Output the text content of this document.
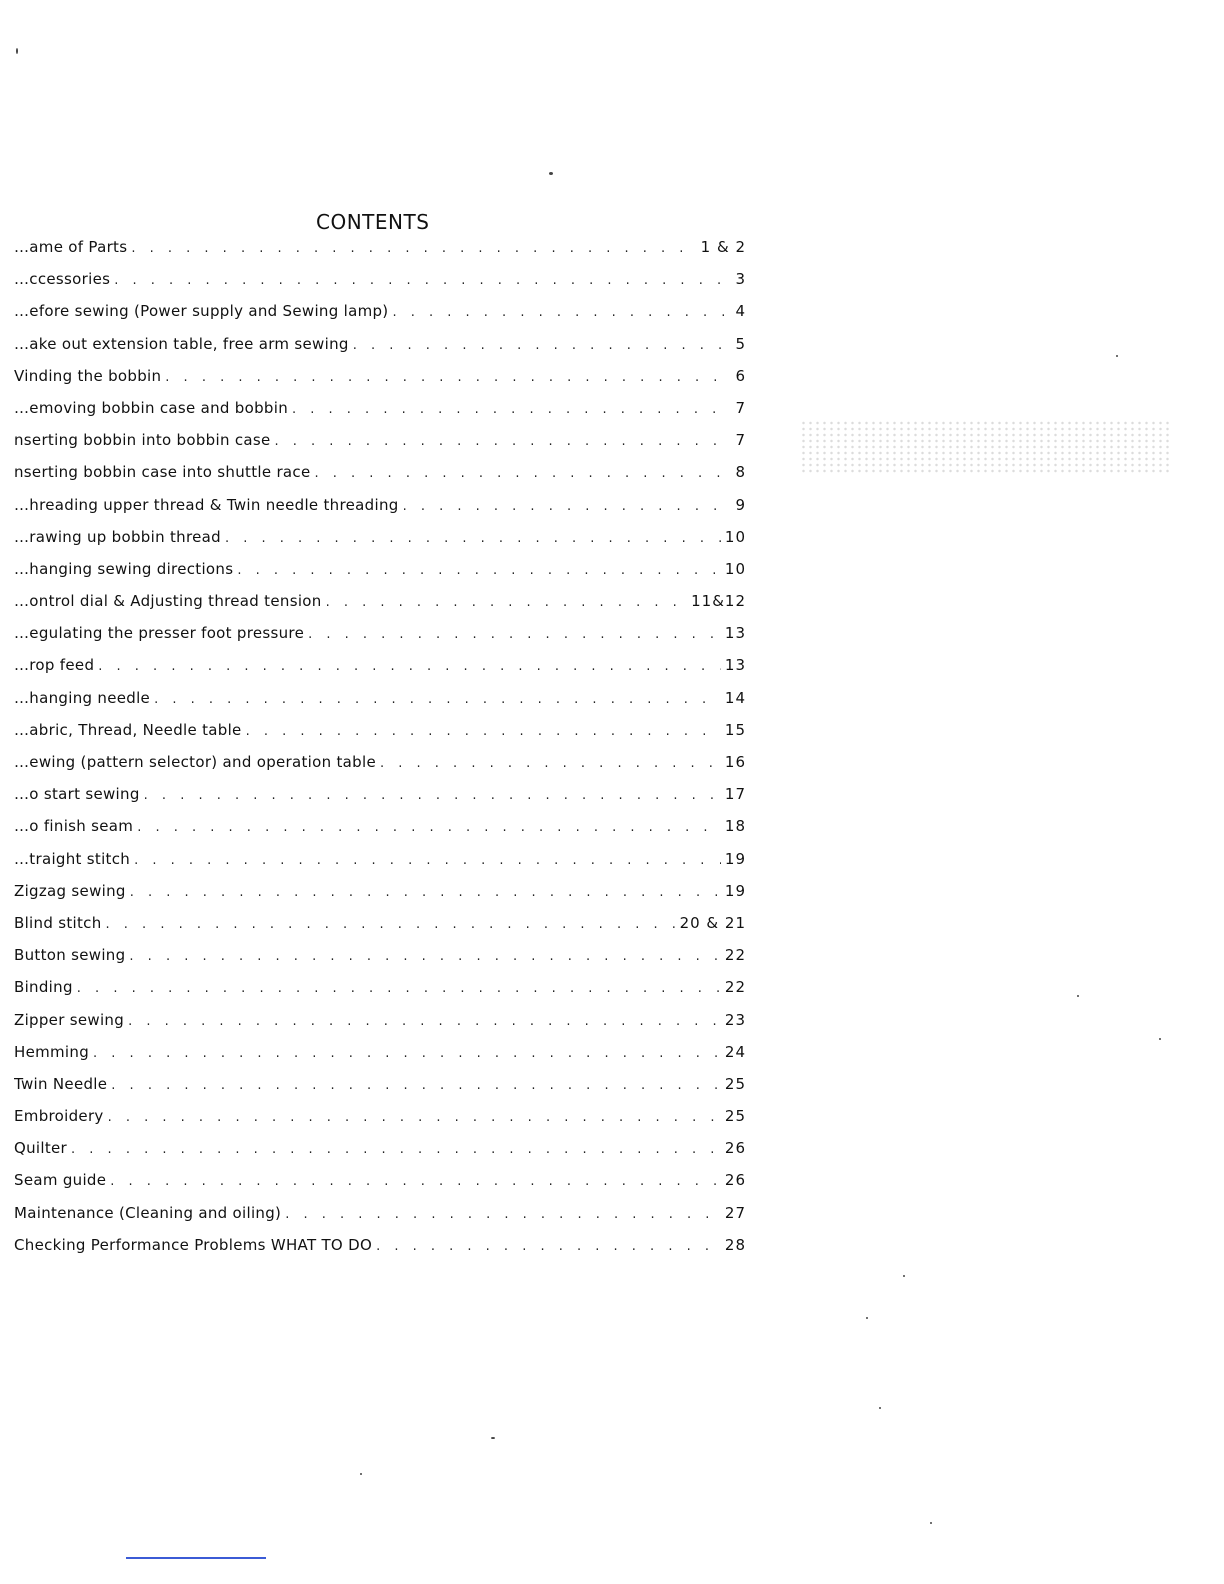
CONTENTS
…ame of Parts . . .	1 & 2
…ccessories . . .	3
…efore sewing (Power supply and Sewing lamp) . . .	4
…ake out extension table, free arm sewing . . .	5
Vinding the bobbin . . .	6
…emoving bobbin case and bobbin . . .	7
nserting bobbin into bobbin case . . .	7
nserting bobbin case into shuttle race . . .	8
…hreading upper thread & Twin needle threading . . .	9
…rawing up bobbin thread . . .	10
…hanging sewing directions . . .	10
…ontrol dial & Adjusting thread tension . . .	11&12
…egulating the presser foot pressure . . .	13
…rop feed . . .	13
…hanging needle . . .	14
…abric, Thread, Needle table . . .	15
…ewing (pattern selector) and operation table . . .	16
…o start sewing . . .	17
…o finish seam . . .	18
…traight stitch . . .	19
Zigzag sewing . . .	19
Blind stitch . . .	20 & 21
Button sewing . . .	22
Binding . . .	22
Zipper sewing . . .	23
Hemming . . .	24
Twin Needle . . .	25
Embroidery . . .	25
Quilter . . .	26
Seam guide . . .	26
Maintenance (Cleaning and oiling) . . .	27
Checking Performance Problems WHAT TO DO . . .	28
